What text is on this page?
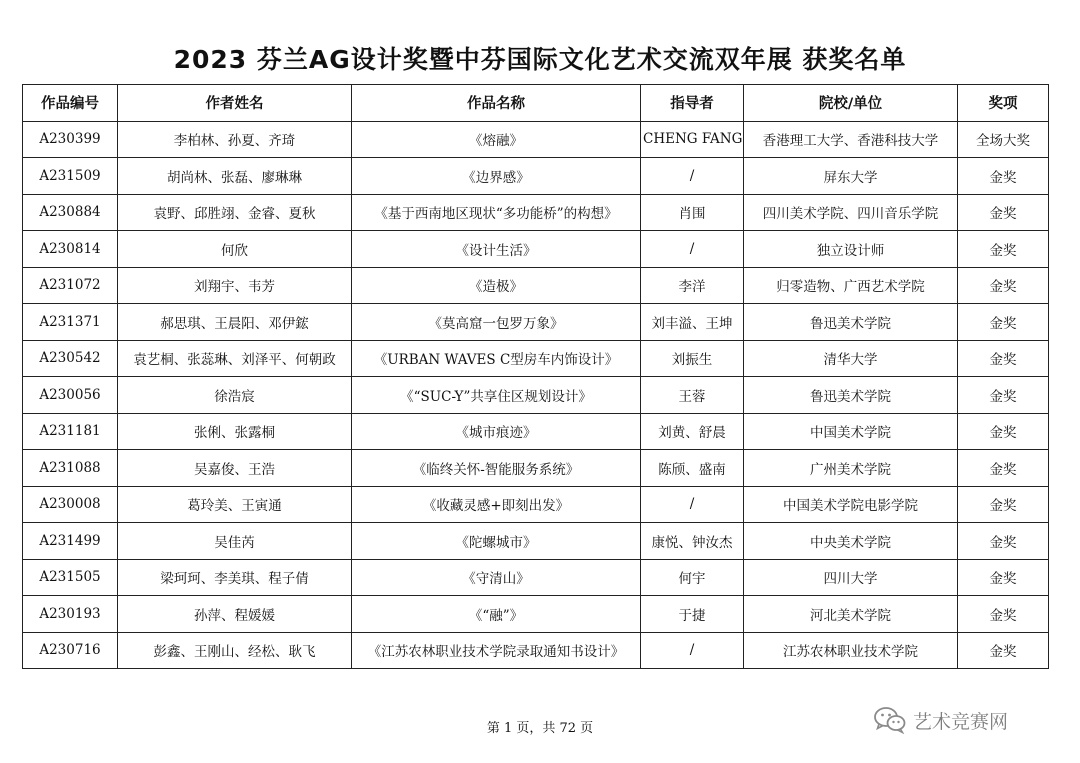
2023 芬兰AG设计奖暨中芬国际文化艺术交流双年展 获奖名单
作品编号	作者姓名	作品名称	指导者	院校/单位	奖项
A230399	李柏林、孙夏、齐琦	《熔融》	CHENG FANG	香港理工大学、香港科技大学	全场大奖
A231509	胡尚林、张磊、廖琳琳	《边界感》	/	屏东大学	金奖
A230884	袁野、邱胜翊、金睿、夏秋	《基于西南地区现状“多功能桥”的构想》	肖围	四川美术学院、四川音乐学院	金奖
A230814	何欣	《设计生活》	/	独立设计师	金奖
A231072	刘翔宇、韦芳	《造极》	李洋	归零造物、广西艺术学院	金奖
A231371	郝思琪、王晨阳、邓伊鋐	《莫高窟一包罗万象》	刘丰溢、王坤	鲁迅美术学院	金奖
A230542	袁艺桐、张蕊琳、刘泽平、何朝政	《URBAN WAVES C型房车内饰设计》	刘振生	清华大学	金奖
A230056	徐浩宸	《“SUC-Y”共享住区规划设计》	王蓉	鲁迅美术学院	金奖
A231181	张俐、张露桐	《城市痕迹》	刘黄、舒晨	中国美术学院	金奖
A231088	吴嘉俊、王浩	《临终关怀-智能服务系统》	陈颀、盛南	广州美术学院	金奖
A230008	葛玲美、王寅通	《收藏灵感+即刻出发》	/	中国美术学院电影学院	金奖
A231499	吴佳芮	《陀螺城市》	康悦、钟汝杰	中央美术学院	金奖
A231505	梁珂珂、李美琪、程子倩	《守清山》	何宇	四川大学	金奖
A230193	孙萍、程媛媛	《“融”》	于捷	河北美术学院	金奖
A230716	彭鑫、王刚山、经松、耿飞	《江苏农林职业技术学院录取通知书设计》	/	江苏农林职业技术学院	金奖
第 1 页，共 72 页	艺术竞赛网
